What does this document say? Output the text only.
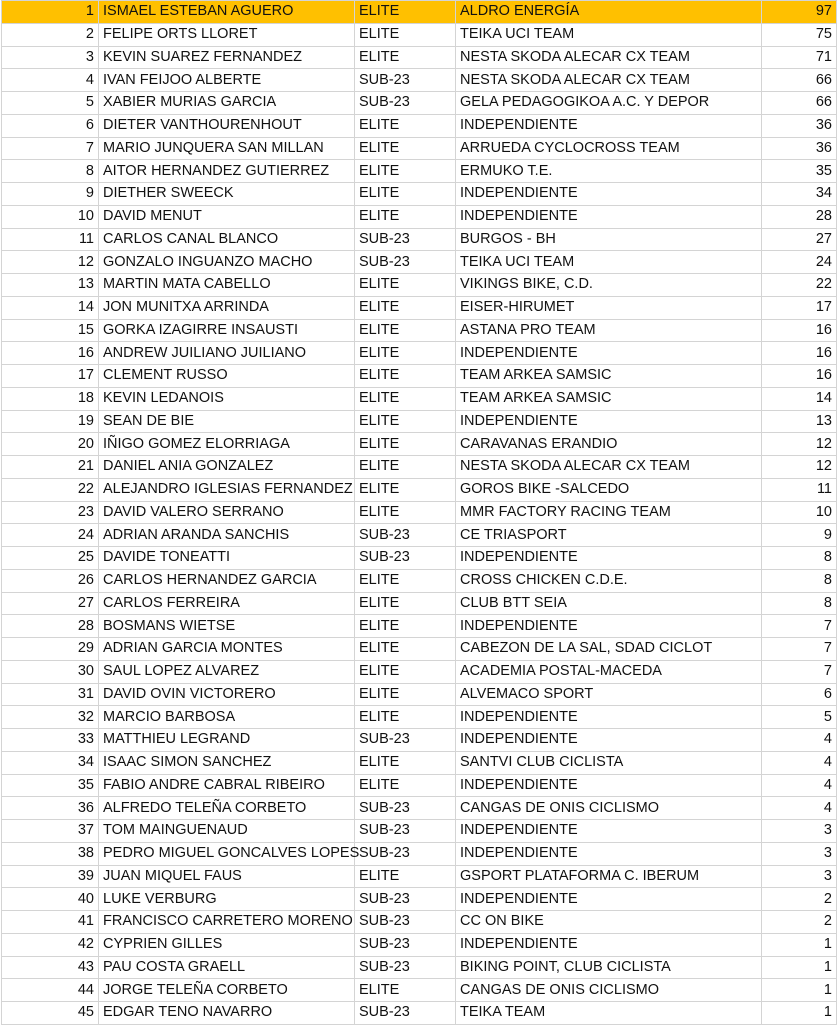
1	ISMAEL ESTEBAN AGUERO	ELITE	ALDRO ENERGÍA	97
2	FELIPE ORTS LLORET	ELITE	TEIKA UCI TEAM	75
3	KEVIN SUAREZ FERNANDEZ	ELITE	NESTA SKODA ALECAR CX TEAM	71
4	IVAN FEIJOO ALBERTE	SUB-23	NESTA SKODA ALECAR CX TEAM	66
5	XABIER MURIAS GARCIA	SUB-23	GELA PEDAGOGIKOA A.C. Y DEPOR	66
6	DIETER VANTHOURENHOUT	ELITE	INDEPENDIENTE	36
7	MARIO JUNQUERA SAN MILLAN	ELITE	ARRUEDA CYCLOCROSS TEAM	36
8	AITOR HERNANDEZ GUTIERREZ	ELITE	ERMUKO T.E.	35
9	DIETHER SWEECK	ELITE	INDEPENDIENTE	34
10	DAVID MENUT	ELITE	INDEPENDIENTE	28
11	CARLOS CANAL BLANCO	SUB-23	BURGOS - BH	27
12	GONZALO INGUANZO MACHO	SUB-23	TEIKA UCI TEAM	24
13	MARTIN MATA CABELLO	ELITE	VIKINGS BIKE, C.D.	22
14	JON MUNITXA ARRINDA	ELITE	EISER-HIRUMET	17
15	GORKA IZAGIRRE INSAUSTI	ELITE	ASTANA PRO TEAM	16
16	ANDREW JUILIANO JUILIANO	ELITE	INDEPENDIENTE	16
17	CLEMENT RUSSO	ELITE	TEAM ARKEA SAMSIC	16
18	KEVIN LEDANOIS	ELITE	TEAM ARKEA SAMSIC	14
19	SEAN DE BIE	ELITE	INDEPENDIENTE	13
20	IÑIGO GOMEZ ELORRIAGA	ELITE	CARAVANAS ERANDIO	12
21	DANIEL ANIA GONZALEZ	ELITE	NESTA SKODA ALECAR CX TEAM	12
22	ALEJANDRO IGLESIAS FERNANDEZ	ELITE	GOROS BIKE -SALCEDO	11
23	DAVID VALERO SERRANO	ELITE	MMR FACTORY RACING TEAM	10
24	ADRIAN ARANDA SANCHIS	SUB-23	CE TRIASPORT	9
25	DAVIDE TONEATTI	SUB-23	INDEPENDIENTE	8
26	CARLOS HERNANDEZ GARCIA	ELITE	CROSS CHICKEN C.D.E.	8
27	CARLOS FERREIRA	ELITE	CLUB BTT SEIA	8
28	BOSMANS WIETSE	ELITE	INDEPENDIENTE	7
29	ADRIAN GARCIA MONTES	ELITE	CABEZON DE LA SAL, SDAD CICLOT	7
30	SAUL LOPEZ ALVAREZ	ELITE	ACADEMIA POSTAL-MACEDA	7
31	DAVID OVIN VICTORERO	ELITE	ALVEMACO SPORT	6
32	MARCIO BARBOSA	ELITE	INDEPENDIENTE	5
33	MATTHIEU LEGRAND	SUB-23	INDEPENDIENTE	4
34	ISAAC SIMON SANCHEZ	ELITE	SANTVI CLUB CICLISTA	4
35	FABIO ANDRE CABRAL RIBEIRO	ELITE	INDEPENDIENTE	4
36	ALFREDO TELEÑA CORBETO	SUB-23	CANGAS DE ONIS CICLISMO	4
37	TOM MAINGUENAUD	SUB-23	INDEPENDIENTE	3
38	PEDRO MIGUEL GONCALVES LOPES	SUB-23	INDEPENDIENTE	3
39	JUAN MIQUEL FAUS	ELITE	GSPORT PLATAFORMA C. IBERUM	3
40	LUKE VERBURG	SUB-23	INDEPENDIENTE	2
41	FRANCISCO CARRETERO MORENO	SUB-23	CC ON BIKE	2
42	CYPRIEN GILLES	SUB-23	INDEPENDIENTE	1
43	PAU COSTA GRAELL	SUB-23	BIKING POINT, CLUB CICLISTA	1
44	JORGE TELEÑA CORBETO	ELITE	CANGAS DE ONIS CICLISMO	1
45	EDGAR TENO NAVARRO	SUB-23	TEIKA TEAM	1
